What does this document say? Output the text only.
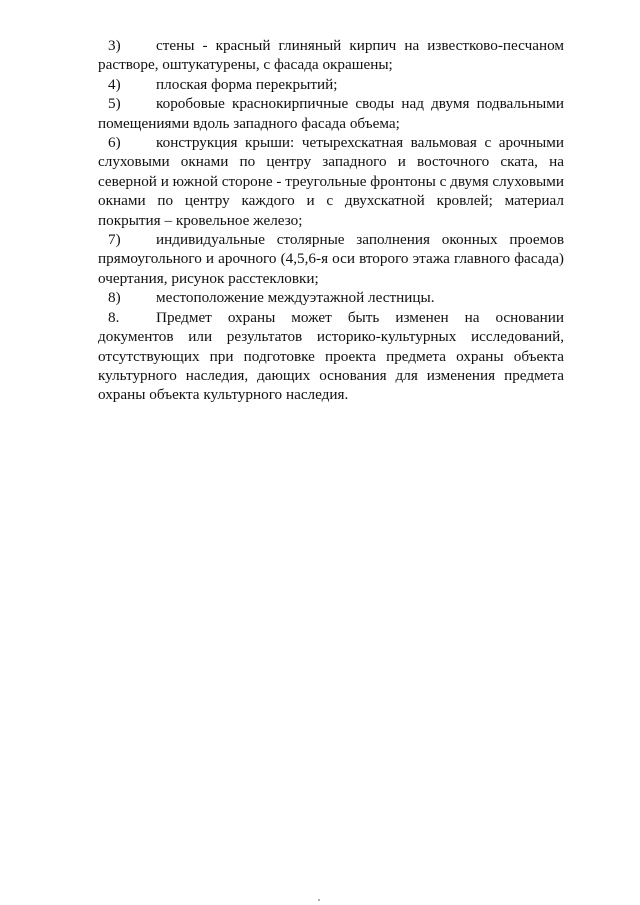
3) стены - красный глиняный кирпич на известково-песчаном растворе, оштукатурены, с фасада окрашены;

4) плоская форма перекрытий;

5) коробовые краснокирпичные своды над двумя подвальными помещениями вдоль западного фасада объема;

6) конструкция крыши: четырехскатная вальмовая с арочными слуховыми окнами по центру западного и восточного ската, на северной и южной стороне - треугольные фронтоны с двумя слуховыми окнами по центру каждого и с двухскатной кровлей; материал покрытия – кровельное железо;

7) индивидуальные столярные заполнения оконных проемов прямоугольного и арочного (4,5,6-я оси второго этажа главного фасада) очертания, рисунок расстекловки;

8) местоположение междуэтажной лестницы.

8. Предмет охраны может быть изменен на основании документов или результатов историко-культурных исследований, отсутствующих при подготовке проекта предмета охраны объекта культурного наследия, дающих основания для изменения предмета охраны объекта культурного наследия.
